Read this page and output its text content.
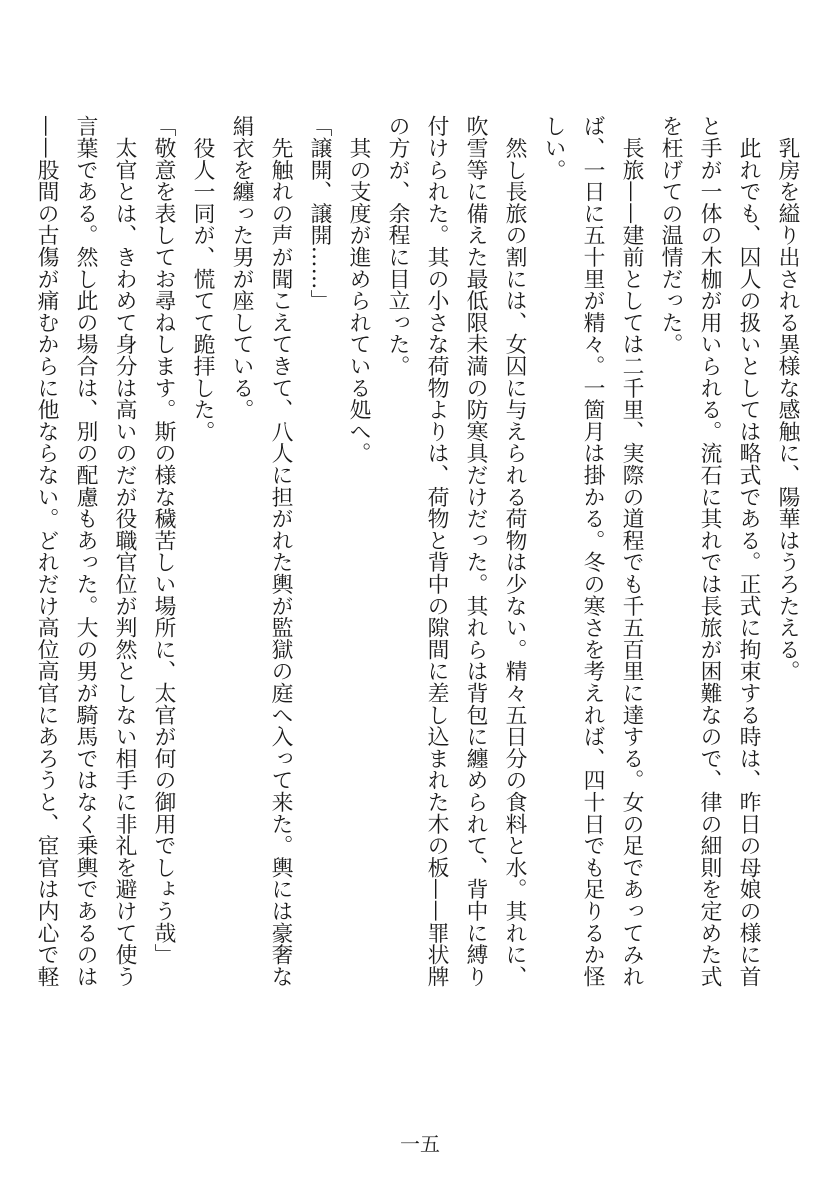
　乳房を縊り出される異様な感触に、陽華はうろたえる。
　此れでも、囚人の扱いとしては略式である。正式に拘束する時は、昨日の母娘の様に首
と手が一体の木枷が用いられる。流石に其れでは長旅が困難なので、律の細則を定めた式
を枉げての温情だった。
　長旅——建前としては二千里、実際の道程でも千五百里に達する。女の足であってみれ
ば、一日に五十里が精々。一箇月は掛かる。冬の寒さを考えれば、四十日でも足りるか怪
しい。
　然し長旅の割には、女囚に与えられる荷物は少ない。精々五日分の食料と水。其れに、
吹雪等に備えた最低限未満の防寒具だけだった。其れらは背包に纏められて、背中に縛り
付けられた。其の小さな荷物よりは、荷物と背中の隙間に差し込まれた木の板——罪状牌
の方が、余程に目立った。
　其の支度が進められている処へ。
「譲開、譲開……」
　先触れの声が聞こえてきて、八人に担がれた輿が監獄の庭へ入って来た。輿には豪奢な
絹衣を纏った男が座している。
　役人一同が、慌てて跪拝した。
「敬意を表してお尋ねします。斯の様な穢苦しい場所に、太官が何の御用でしょう哉」
　太官とは、きわめて身分は高いのだが役職官位が判然としない相手に非礼を避けて使う
言葉である。然し此の場合は、別の配慮もあった。大の男が騎馬ではなく乗輿であるのは
——股間の古傷が痛むからに他ならない。どれだけ高位高官にあろうと、宦官は内心で軽
一五
